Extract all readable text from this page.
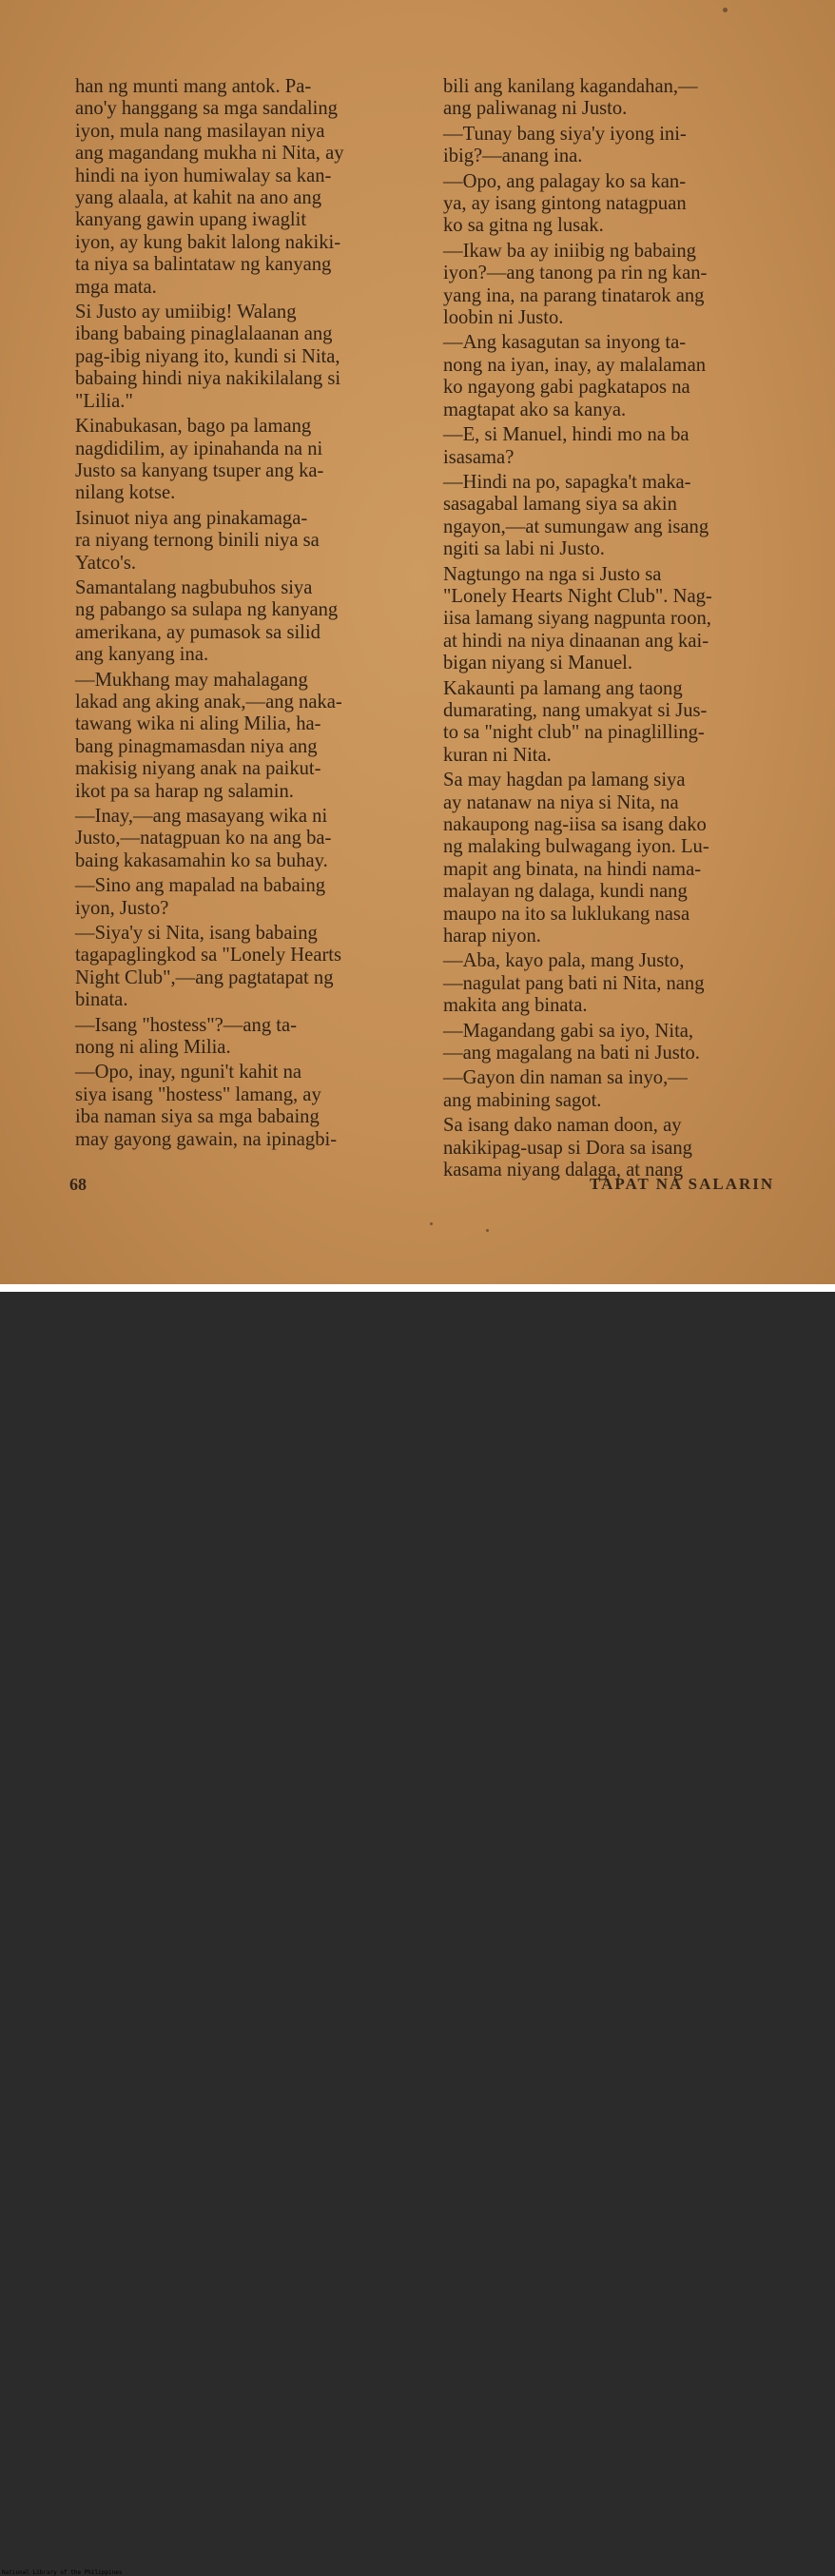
han ng munti mang antok. Pa-
ano'y hanggang sa mga sandaling
iyon, mula nang masilayan niya
ang magandang mukha ni Nita, ay
hindi na iyon humiwalay sa kan-
yang alaala, at kahit na ano ang
kanyang gawin upang iwaglit
iyon, ay kung bakit lalong nakiki-
ta niya sa balintataw ng kanyang
mga mata.

Si Justo ay umiibig! Walang
ibang babaing pinaglalaanan ang
pag-ibig niyang ito, kundi si Nita,
babaing hindi niya nakikilalang si
"Lilia."

Kinabukasan, bago pa lamang
nagdidilim, ay ipinahanda na ni
Justo sa kanyang tsuper ang ka-
nilang kotse.

Isinuot niya ang pinakamaga-
ra niyang ternong binili niya sa
Yatco's.

Samantalang nagbubuhos siya
ng pabango sa sulapa ng kanyang
amerikana, ay pumasok sa silid
ang kanyang ina.

—Mukhang may mahalagang
lakad ang aking anak,—ang naka-
tawang wika ni aling Milia, ha-
bang pinagmamasdan niya ang
makisig niyang anak na paikut-
ikot pa sa harap ng salamin.

—Inay,—ang masayang wika ni
Justo,—natagpuan ko na ang ba-
baing kakasamahin ko sa buhay.

—Sino ang mapalad na babaing
iyon, Justo?

—Siya'y si Nita, isang babaing
tagapaglingkod sa "Lonely Hearts
Night Club",—ang pagtatapat ng
binata.

—Isang "hostess"?—ang ta-
nong ni aling Milia.

—Opo, inay, nguni't kahit na
siya isang "hostess" lamang, ay
iba naman siya sa mga babaing
may gayong gawain, na ipinagbi-

bili ang kanilang kagandahan,—
ang paliwanag ni Justo.

—Tunay bang siya'y iyong ini-
ibig?—anang ina.

—Opo, ang palagay ko sa kan-
ya, ay isang gintong natagpuan
ko sa gitna ng lusak.

—Ikaw ba ay iniibig ng babaing
iyon?—ang tanong pa rin ng kan-
yang ina, na parang tinatarok ang
loobin ni Justo.

—Ang kasagutan sa inyong ta-
nong na iyan, inay, ay malalaman
ko ngayong gabi pagkatapos na
magtapat ako sa kanya.

—E, si Manuel, hindi mo na ba
isasama?

—Hindi na po, sapagka't maka-
sasagabal lamang siya sa akin
ngayon,—at sumungaw ang isang
ngiti sa labi ni Justo.

Nagtungo na nga si Justo sa
"Lonely Hearts Night Club". Nag-
iisa lamang siyang nagpunta roon,
at hindi na niya dinaanan ang kai-
bigan niyang si Manuel.

Kakaunti pa lamang ang taong
dumarating, nang umakyat si Jus-
to sa "night club" na pinaglilling-
kuran ni Nita.

Sa may hagdan pa lamang siya
ay natanaw na niya si Nita, na
nakaupong nag-iisa sa isang dako
ng malaking bulwagang iyon. Lu-
mapit ang binata, na hindi nama-
malayan ng dalaga, kundi nang
maupo na ito sa luklukang nasa
harap niyon.

—Aba, kayo pala, mang Justo,
—nagulat pang bati ni Nita, nang
makita ang binata.

—Magandang gabi sa iyo, Nita,
—ang magalang na bati ni Justo.

—Gayon din naman sa inyo,—
ang mabining sagot.

Sa isang dako naman doon, ay
nakikipag-usap si Dora sa isang
kasama niyang dalaga, at nang

68	TAPAT NA SALARIN
National Library of the Philippines
